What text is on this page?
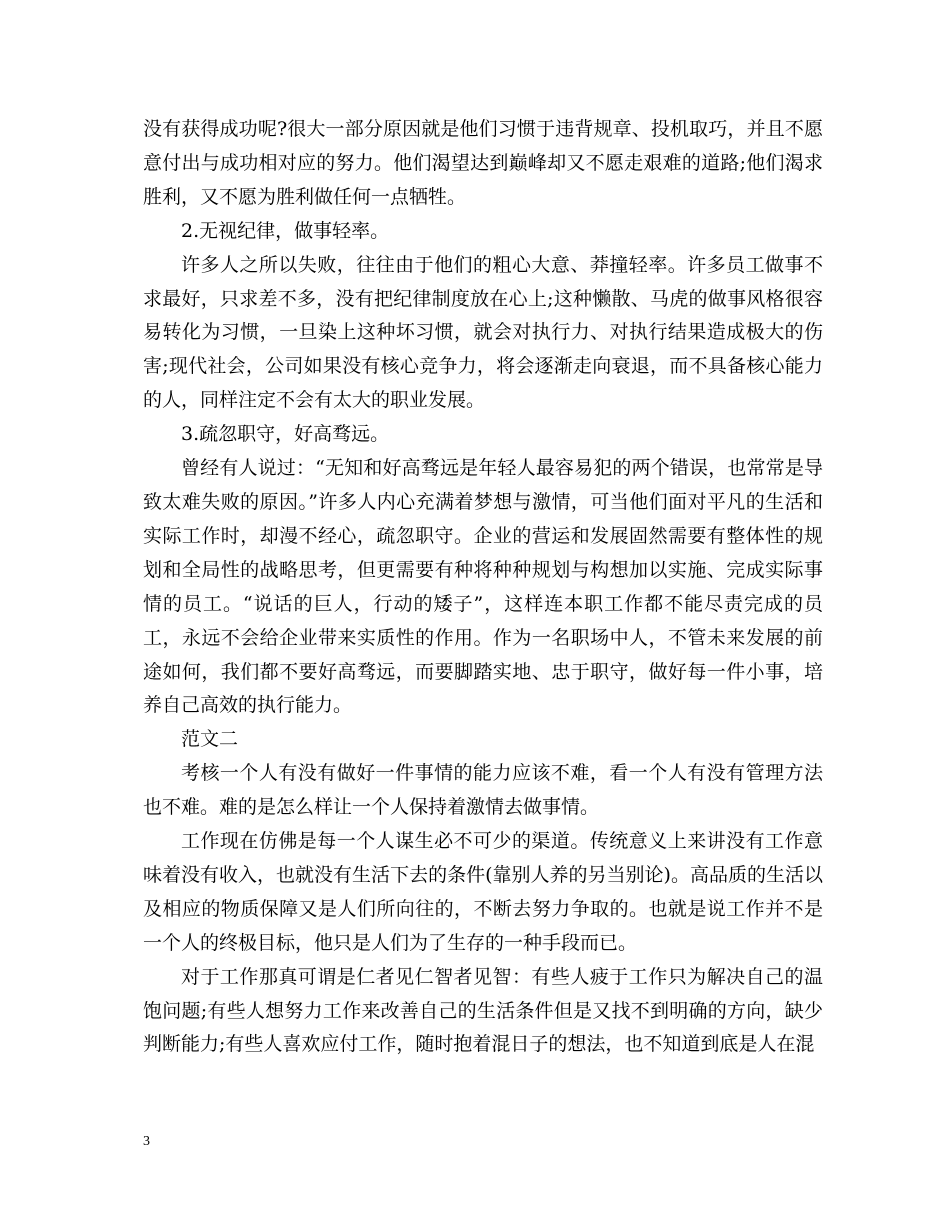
没有获得成功呢?很大一部分原因就是他们习惯于违背规章、投机取巧，并且不愿意付出与成功相对应的努力。他们渴望达到巅峰却又不愿走艰难的道路;他们渴求胜利，又不愿为胜利做任何一点牺牲。

2.无视纪律，做事轻率。

许多人之所以失败，往往由于他们的粗心大意、莽撞轻率。许多员工做事不求最好，只求差不多，没有把纪律制度放在心上;这种懒散、马虎的做事风格很容易转化为习惯，一旦染上这种坏习惯，就会对执行力、对执行结果造成极大的伤害;现代社会，公司如果没有核心竞争力，将会逐渐走向衰退，而不具备核心能力的人，同样注定不会有太大的职业发展。

3.疏忽职守，好高骛远。

曾经有人说过：“无知和好高骛远是年轻人最容易犯的两个错误，也常常是导致太难失败的原因。”许多人内心充满着梦想与激情，可当他们面对平凡的生活和实际工作时，却漫不经心，疏忽职守。企业的营运和发展固然需要有整体性的规划和全局性的战略思考，但更需要有种将种种规划与构想加以实施、完成实际事情的员工。“说话的巨人，行动的矮子”，这样连本职工作都不能尽责完成的员工，永远不会给企业带来实质性的作用。作为一名职场中人，不管未来发展的前途如何，我们都不要好高骛远，而要脚踏实地、忠于职守，做好每一件小事，培养自己高效的执行能力。

范文二

考核一个人有没有做好一件事情的能力应该不难，看一个人有没有管理方法也不难。难的是怎么样让一个人保持着激情去做事情。

工作现在仿佛是每一个人谋生必不可少的渠道。传统意义上来讲没有工作意味着没有收入，也就没有生活下去的条件(靠别人养的另当别论)。高品质的生活以及相应的物质保障又是人们所向往的，不断去努力争取的。也就是说工作并不是一个人的终极目标，他只是人们为了生存的一种手段而已。

对于工作那真可谓是仁者见仁智者见智：有些人疲于工作只为解决自己的温饱问题;有些人想努力工作来改善自己的生活条件但是又找不到明确的方向，缺少判断能力;有些人喜欢应付工作，随时抱着混日子的想法，也不知道到底是人在混

3
